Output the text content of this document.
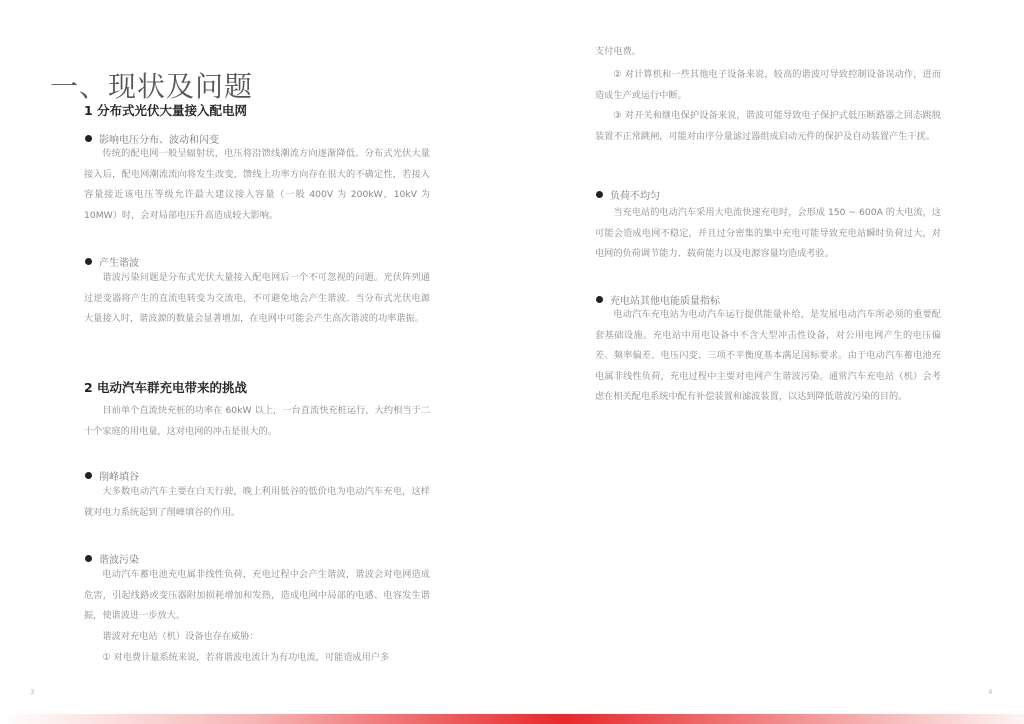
一、现状及问题
1 分布式光伏大量接入配电网
影响电压分布、波动和闪变

传统的配电网一般呈辐射状，电压将沿馈线潮流方向逐渐降低。分布式光伏大量接入后，配电网潮流流向将发生改变，馈线上功率方向存在很大的不确定性，若接入容量接近该电压等级允许最大建议接入容量（一般 400V 为 200kW，10kV 为 10MW）时，会对局部电压升高造成较大影响。

产生谐波

谐波污染问题是分布式光伏大量接入配电网后一个不可忽视的问题。光伏阵列通过逆变器将产生的直流电转变为交流电，不可避免地会产生谐波。当分布式光伏电源大量接入时，谐波源的数量会显著增加，在电网中可能会产生高次谐波的功率谐振。

2 电动汽车群充电带来的挑战

目前单个直流快充桩的功率在 60kW 以上，一台直流快充桩运行，大约相当于二十个家庭的用电量，这对电网的冲击是很大的。

削峰填谷

大多数电动汽车主要在白天行驶，晚上利用低谷的低价电为电动汽车充电，这样就对电力系统起到了削峰填谷的作用。

谐波污染

电动汽车蓄电池充电属非线性负荷，充电过程中会产生谐波，谐波会对电网造成危害，引起线路或变压器附加损耗增加和发热，造成电网中局部的电感、电容发生谐振，使谐波进一步放大。

谐波对充电站（机）设备也存在威胁：

① 对电费计量系统来说，若将谐波电流计为有功电流，可能造成用户多

支付电费。

② 对计算机和一些其他电子设备来说，较高的谐波可导致控制设备误动作，进而造成生产或运行中断。

③ 对开关和继电保护设备来说，谐波可能导致电子保护式低压断路器之回态跳脱装置不正常跳闸，可能对由序分量滤过器组成启动元件的保护及自动装置产生干扰。

负荷不均匀

当充电站的电动汽车采用大电流快速充电时，会形成 150 ~ 600A 的大电流，这可能会造成电网不稳定，并且过分密集的集中充电可能导致充电站瞬时负荷过大，对电网的负荷调节能力、载荷能力以及电源容量均造成考验。

充电站其他电能质量指标

电动汽车充电站为电动汽车运行提供能量补给，是发展电动汽车所必须的重要配套基础设施。充电站中用电设备中不含大型冲击性设备，对公用电网产生的电压偏差、频率偏差、电压闪变、三项不平衡度基本满足国标要求。由于电动汽车蓄电池充电属非线性负荷，充电过程中主要对电网产生谐波污染。通常汽车充电站（机）会考虑在相关配电系统中配有补偿装置和滤波装置，以达到降低谐波污染的目的。

3	4
